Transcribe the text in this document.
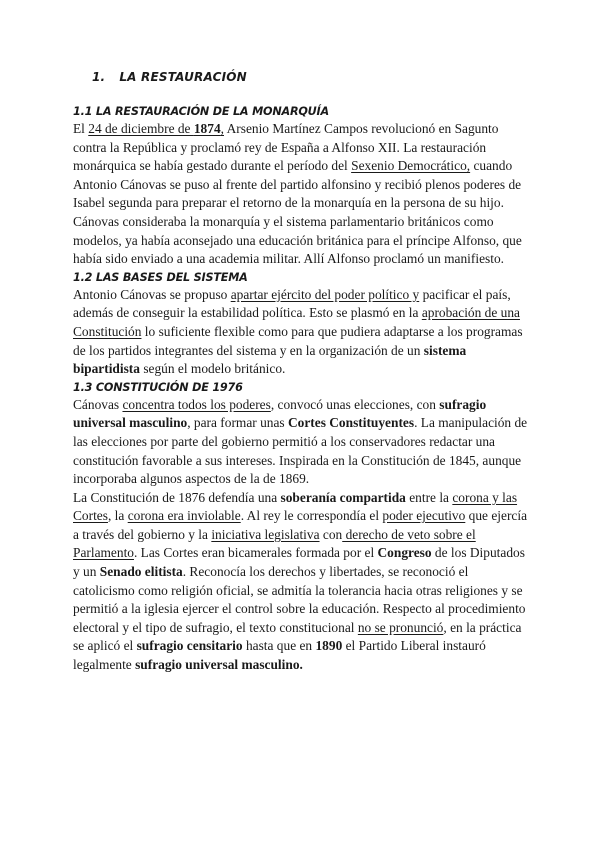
1. LA RESTAURACIÓN
1.1 LA RESTAURACIÓN DE LA MONARQUÍA

El 24 de diciembre de 1874, Arsenio Martínez Campos revolucionó en Sagunto contra la República y proclamó rey de España a Alfonso XII. La restauración monárquica se había gestado durante el período del Sexenio Democrático, cuando Antonio Cánovas se puso al frente del partido alfonsino y recibió plenos poderes de Isabel segunda para preparar el retorno de la monarquía en la persona de su hijo.

Cánovas consideraba la monarquía y el sistema parlamentario británicos como modelos, ya había aconsejado una educación británica para el príncipe Alfonso, que había sido enviado a una academia militar. Allí Alfonso proclamó un manifiesto.

1.2 LAS BASES DEL SISTEMA

Antonio Cánovas se propuso apartar ejército del poder político y pacificar el país, además de conseguir la estabilidad política. Esto se plasmó en la aprobación de una Constitución lo suficiente flexible como para que pudiera adaptarse a los programas de los partidos integrantes del sistema y en la organización de un sistema bipartidista según el modelo británico.

1.3 CONSTITUCIÓN DE 1976

Cánovas concentra todos los poderes, convocó unas elecciones, con sufragio universal masculino, para formar unas Cortes Constituyentes. La manipulación de las elecciones por parte del gobierno permitió a los conservadores redactar una constitución favorable a sus intereses. Inspirada en la Constitución de 1845, aunque incorporaba algunos aspectos de la de 1869.

La Constitución de 1876 defendía una soberanía compartida entre la corona y las Cortes, la corona era inviolable. Al rey le correspondía el poder ejecutivo que ejercía a través del gobierno y la iniciativa legislativa con derecho de veto sobre el Parlamento. Las Cortes eran bicamerales formada por el Congreso de los Diputados y un Senado elitista. Reconocía los derechos y libertades, se reconoció el catolicismo como religión oficial, se admitía la tolerancia hacia otras religiones y se permitió a la iglesia ejercer el control sobre la educación. Respecto al procedimiento electoral y el tipo de sufragio, el texto constitucional no se pronunció, en la práctica se aplicó el sufragio censitario hasta que en 1890 el Partido Liberal instauró legalmente sufragio universal masculino.
